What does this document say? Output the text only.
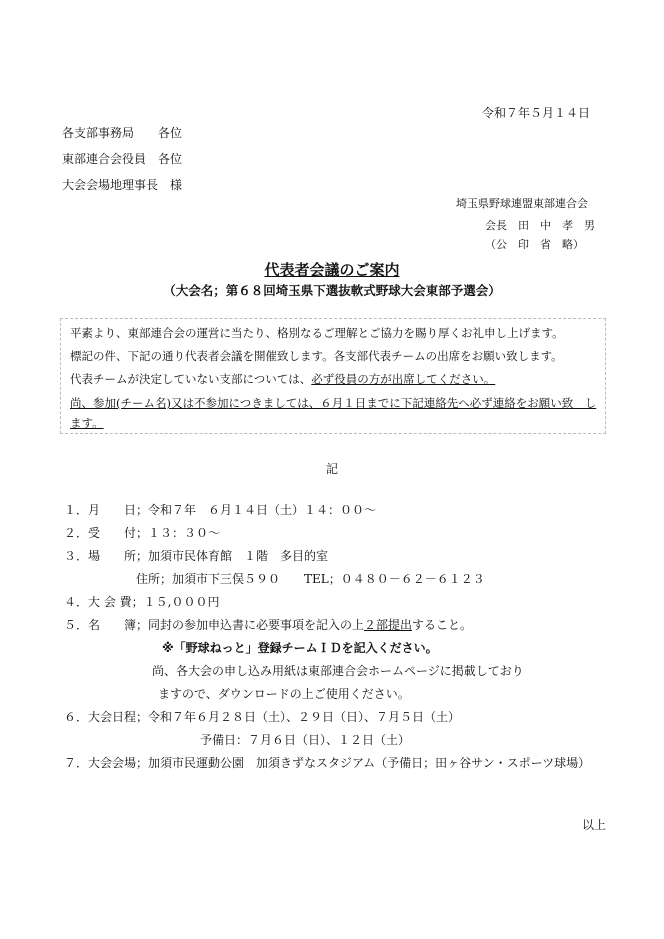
令和７年５月１４日
各支部事務局　　各位
東部連合会役員　各位
大会会場地理事長　様
埼玉県野球連盟東部連合会
会長　田　中　孝　男
（公　印　省　略）
代表者会議のご案内
（大会名；第６８回埼玉県下選抜軟式野球大会東部予選会）
平素より、東部連合会の運営に当たり、格別なるご理解とご協力を賜り厚くお礼申し上げます。
標記の件、下記の通り代表者会議を開催致します。各支部代表チームの出席をお願い致します。
代表チームが決定していない支部については、必ず役員の方が出席してください。
尚、参加(チーム名)又は不参加につきましては、６月１日までに下記連絡先へ必ず連絡をお願い致　し
ます。
記
１．月　　日；令和７年　６月１４日（土）１４：００～
２．受　　付；１３：３０～
３．場　　所；加須市民体育館　１階　多目的室
住所；加須市下三俣５９０　　TEL；０４８０－６２－６１２３
４．大 会 費；１５,０００円
５．名　　簿；同封の参加申込書に必要事項を記入の上２部提出すること。
※「野球ねっと」登録チームＩＤを記入ください。
尚、各大会の申し込み用紙は東部連合会ホームページに掲載しており
ますので、ダウンロードの上ご使用ください。
６．大会日程；令和７年６月２８日（土）、２９日（日）、７月５日（土）
予備日：７月６日（日）、１２日（土）
７．大会会場；加須市民運動公園　加須きずなスタジアム（予備日；田ヶ谷サン・スポーツ球場）
以上
